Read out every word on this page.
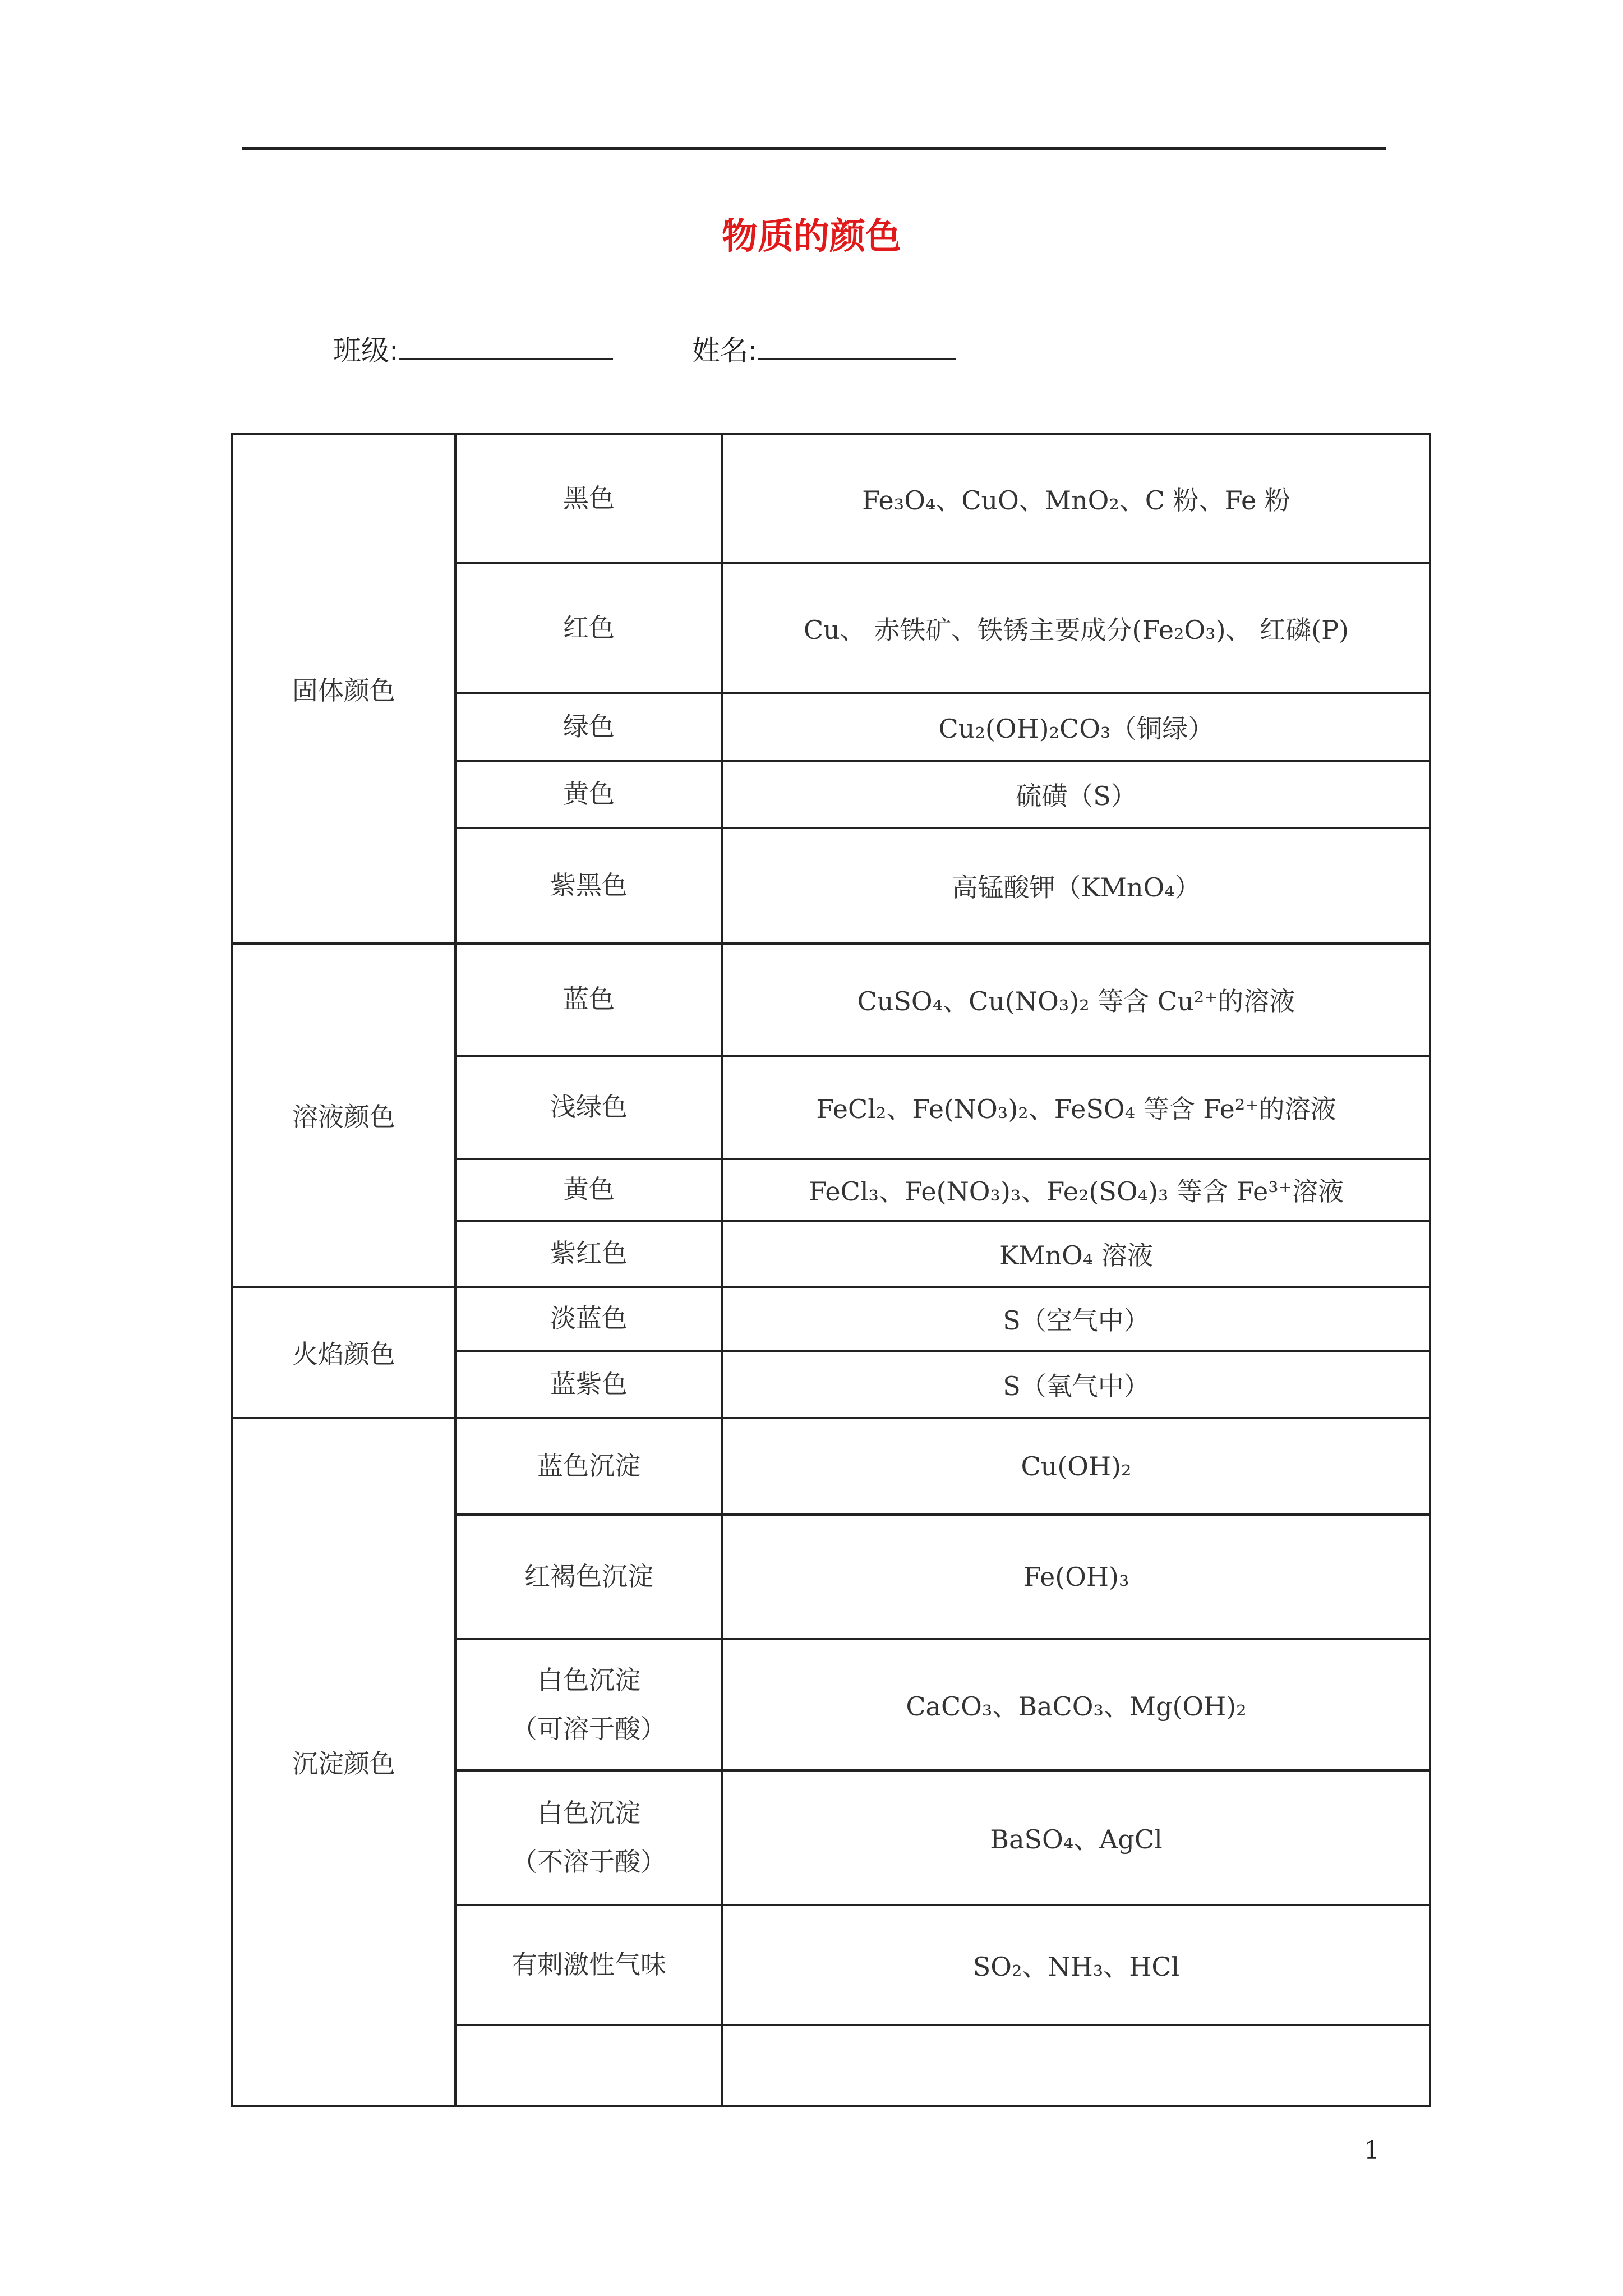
物质的颜色
班级:	姓名:
固体颜色	黑色	Fe₃O₄、CuO、MnO₂、C 粉、Fe 粉
	红色	Cu、 赤铁矿、铁锈主要成分(Fe₂O₃)、 红磷(P)
	绿色	Cu₂(OH)₂CO₃（铜绿）
	黄色	硫磺（S）
	紫黑色	高锰酸钾（KMnO₄）
溶液颜色	蓝色	CuSO₄、Cu(NO₃)₂ 等含 Cu²⁺的溶液
	浅绿色	FeCl₂、Fe(NO₃)₂、FeSO₄ 等含 Fe²⁺的溶液
	黄色	FeCl₃、Fe(NO₃)₃、Fe₂(SO₄)₃ 等含 Fe³⁺溶液
	紫红色	KMnO₄ 溶液
火焰颜色	淡蓝色	S（空气中）
	蓝紫色	S（氧气中）
沉淀颜色	蓝色沉淀	Cu(OH)₂
	红褐色沉淀	Fe(OH)₃

	白色沉淀
（可溶于酸）	CaCO₃、BaCO₃、Mg(OH)₂

	白色沉淀
（不溶于酸）	BaSO₄、AgCl
	有刺激性气味	SO₂、NH₃、HCl

1
